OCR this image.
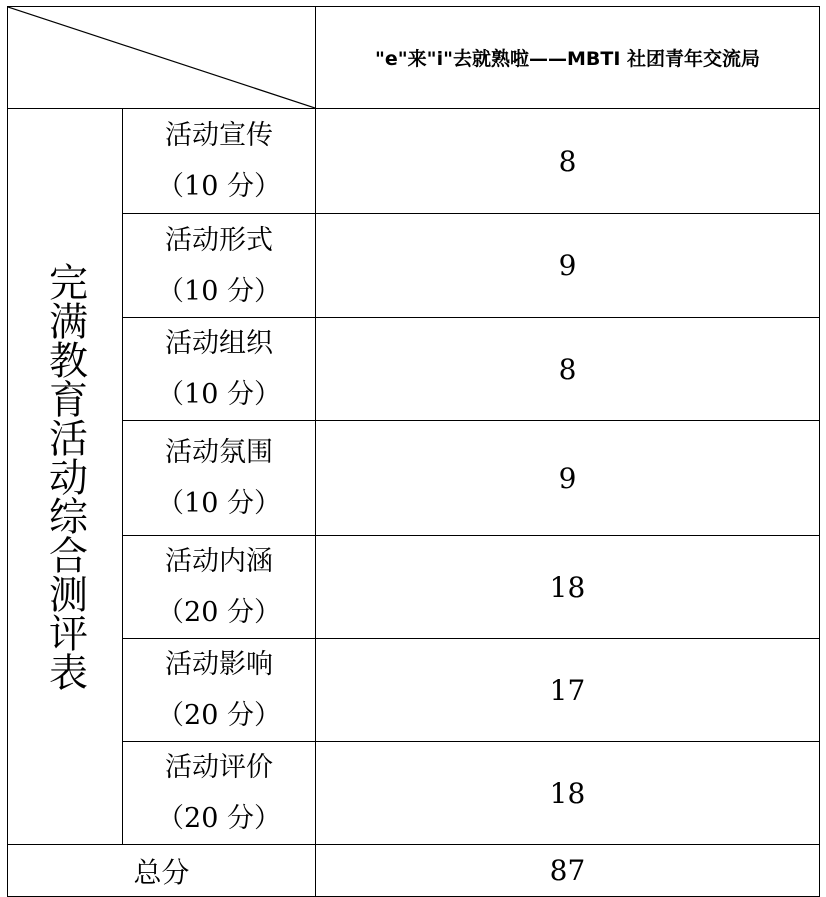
	"e"来"i"去就熟啦——MBTI 社团青年交流局

完满教育活动综合测评表	活动宣传
（10 分）	8

	活动形式
（10 分）	9

	活动组织
（10 分）	8

	活动氛围
（10 分）	9

	活动内涵
（20 分）	18

	活动影响
（20 分）	17

	活动评价
（20 分）	18
总分		87
